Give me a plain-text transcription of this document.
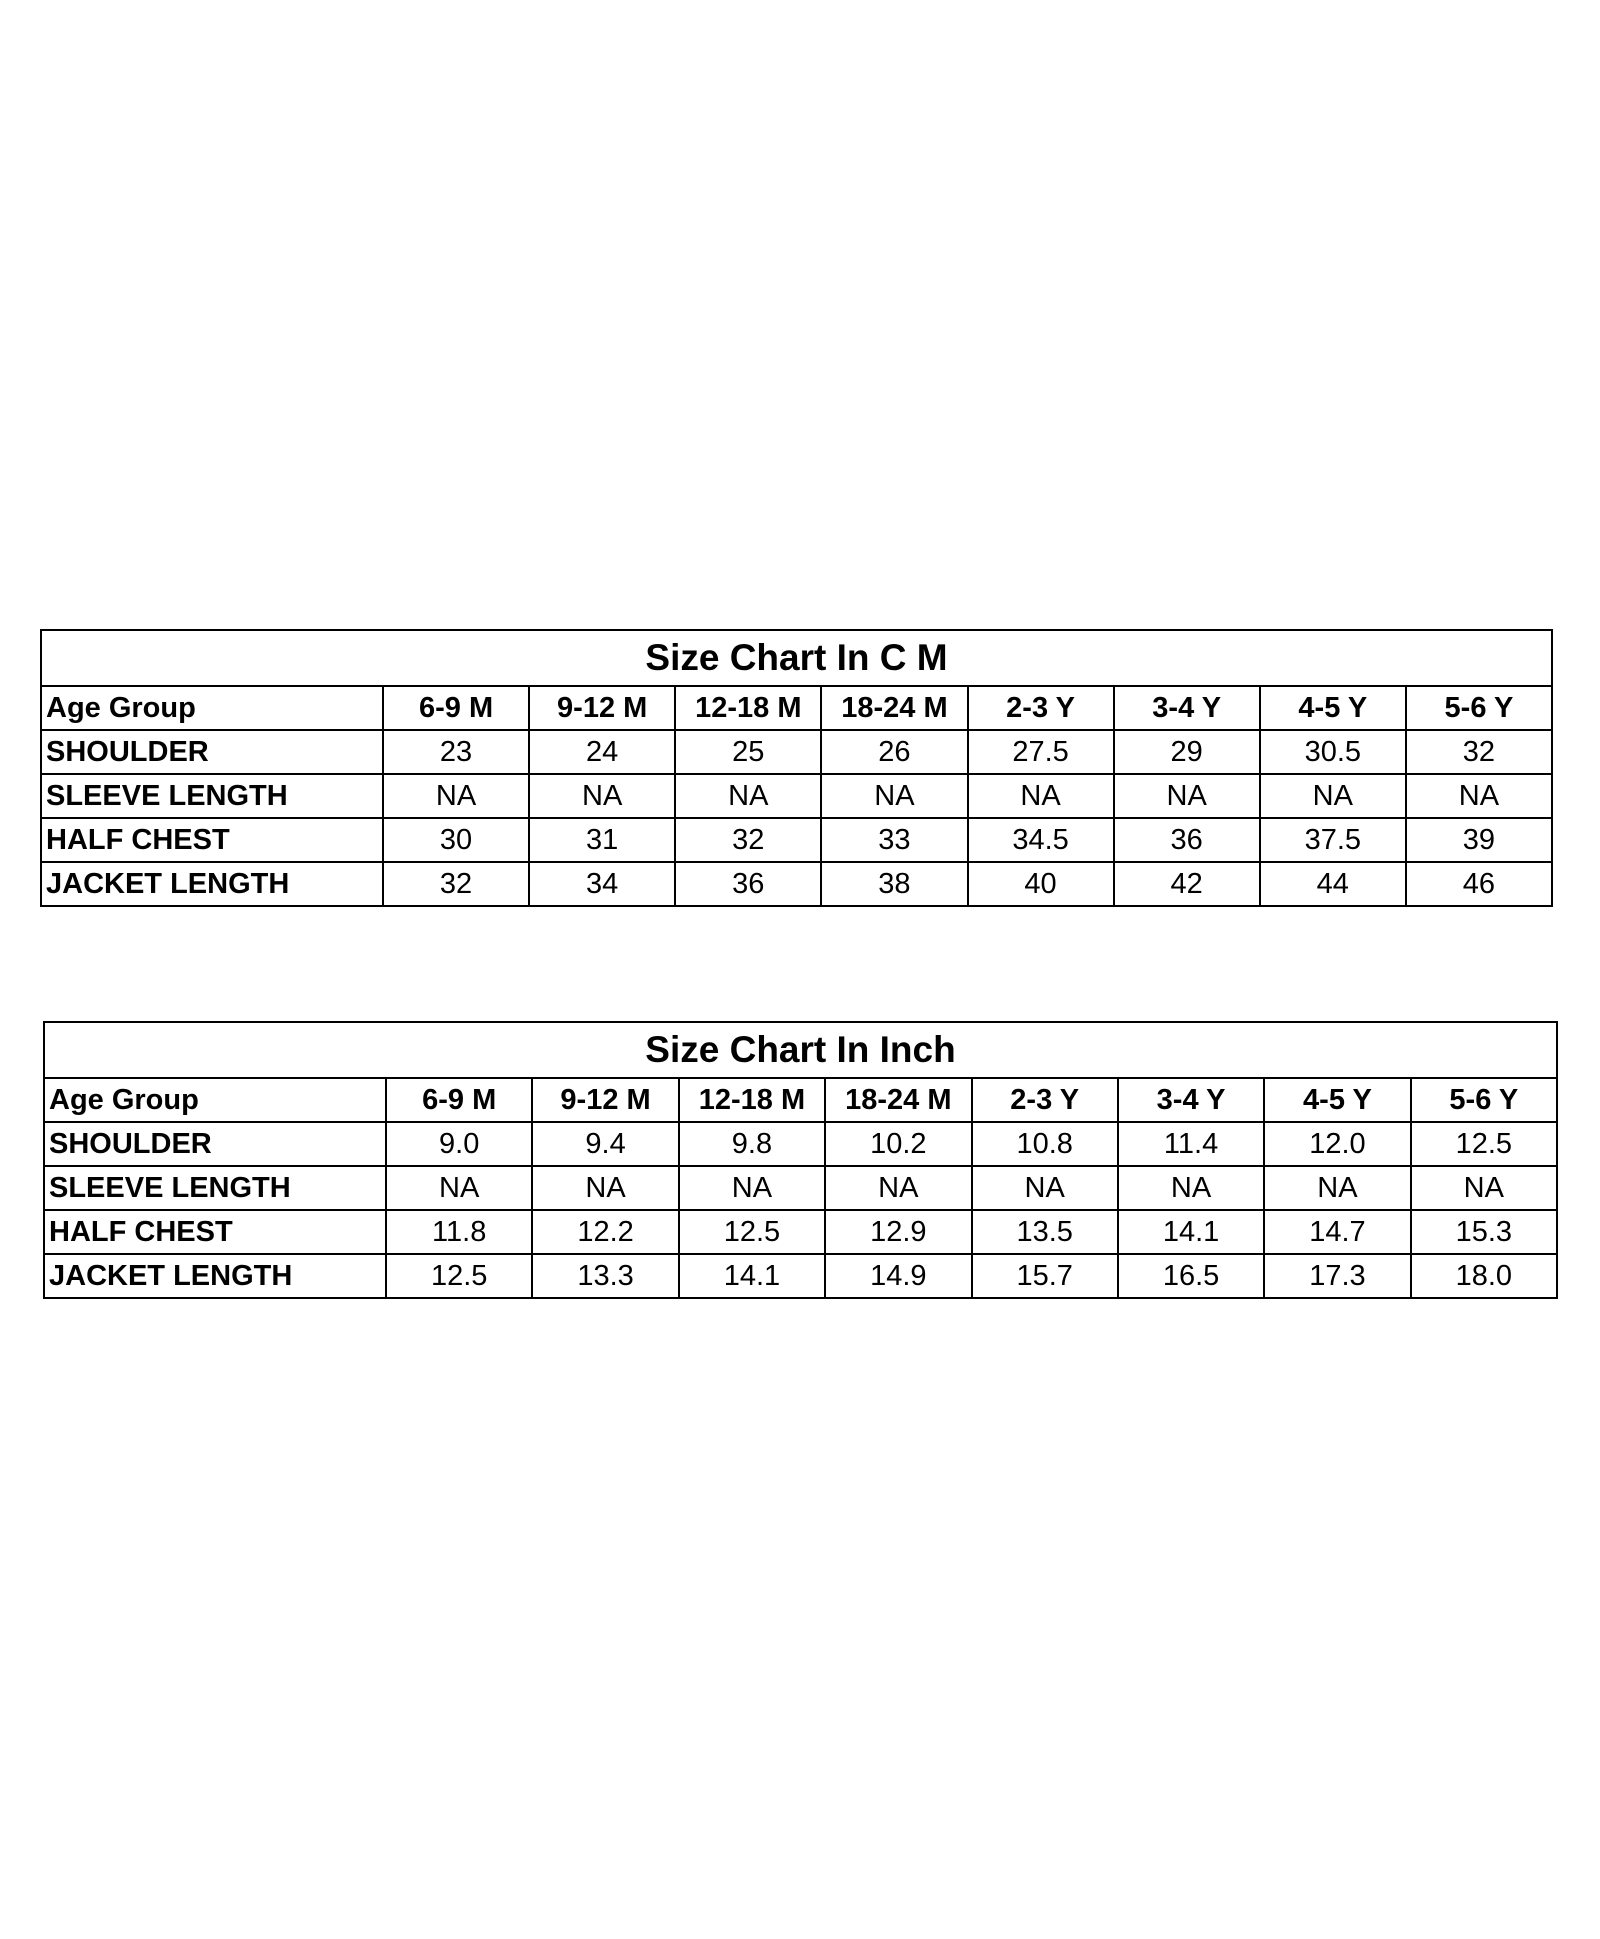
Size Chart In C M								
Age Group	6-9 M	9-12 M	12-18 M	18-24 M	2-3 Y	3-4 Y	4-5 Y	5-6 Y
SHOULDER	23	24	25	26	27.5	29	30.5	32
SLEEVE LENGTH	NA	NA	NA	NA	NA	NA	NA	NA
HALF CHEST	30	31	32	33	34.5	36	37.5	39
JACKET LENGTH	32	34	36	38	40	42	44	46
Size Chart In Inch								
Age Group	6-9 M	9-12 M	12-18 M	18-24 M	2-3 Y	3-4 Y	4-5 Y	5-6 Y
SHOULDER	9.0	9.4	9.8	10.2	10.8	11.4	12.0	12.5
SLEEVE LENGTH	NA	NA	NA	NA	NA	NA	NA	NA
HALF CHEST	11.8	12.2	12.5	12.9	13.5	14.1	14.7	15.3
JACKET LENGTH	12.5	13.3	14.1	14.9	15.7	16.5	17.3	18.0
